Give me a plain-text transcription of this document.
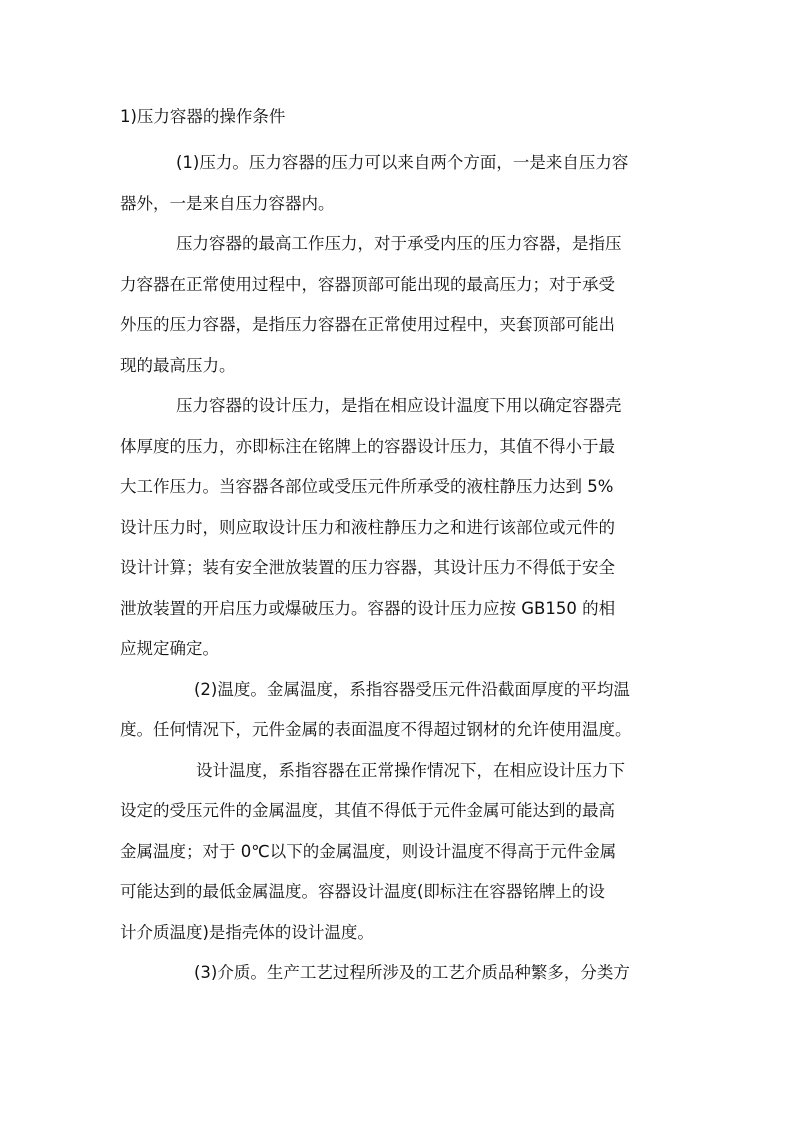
1)压力容器的操作条件

(1)压力。压力容器的压力可以来自两个方面，一是来自压力容
器外，一是来自压力容器内。

压力容器的最高工作压力，对于承受内压的压力容器，是指压
力容器在正常使用过程中，容器顶部可能出现的最高压力；对于承受
外压的压力容器，是指压力容器在正常使用过程中，夹套顶部可能出
现的最高压力。

压力容器的设计压力，是指在相应设计温度下用以确定容器壳
体厚度的压力，亦即标注在铭牌上的容器设计压力，其值不得小于最
大工作压力。当容器各部位或受压元件所承受的液柱静压力达到 5%
设计压力时，则应取设计压力和液柱静压力之和进行该部位或元件的
设计计算；装有安全泄放装置的压力容器，其设计压力不得低于安全
泄放装置的开启压力或爆破压力。容器的设计压力应按 GB150 的相
应规定确定。

(2)温度。金属温度，系指容器受压元件沿截面厚度的平均温
度。任何情况下，元件金属的表面温度不得超过钢材的允许使用温度。

设计温度，系指容器在正常操作情况下，在相应设计压力下
设定的受压元件的金属温度，其值不得低于元件金属可能达到的最高
金属温度；对于 0℃以下的金属温度，则设计温度不得高于元件金属
可能达到的最低金属温度。容器设计温度(即标注在容器铭牌上的设
计介质温度)是指壳体的设计温度。

(3)介质。生产工艺过程所涉及的工艺介质品种繁多，分类方
